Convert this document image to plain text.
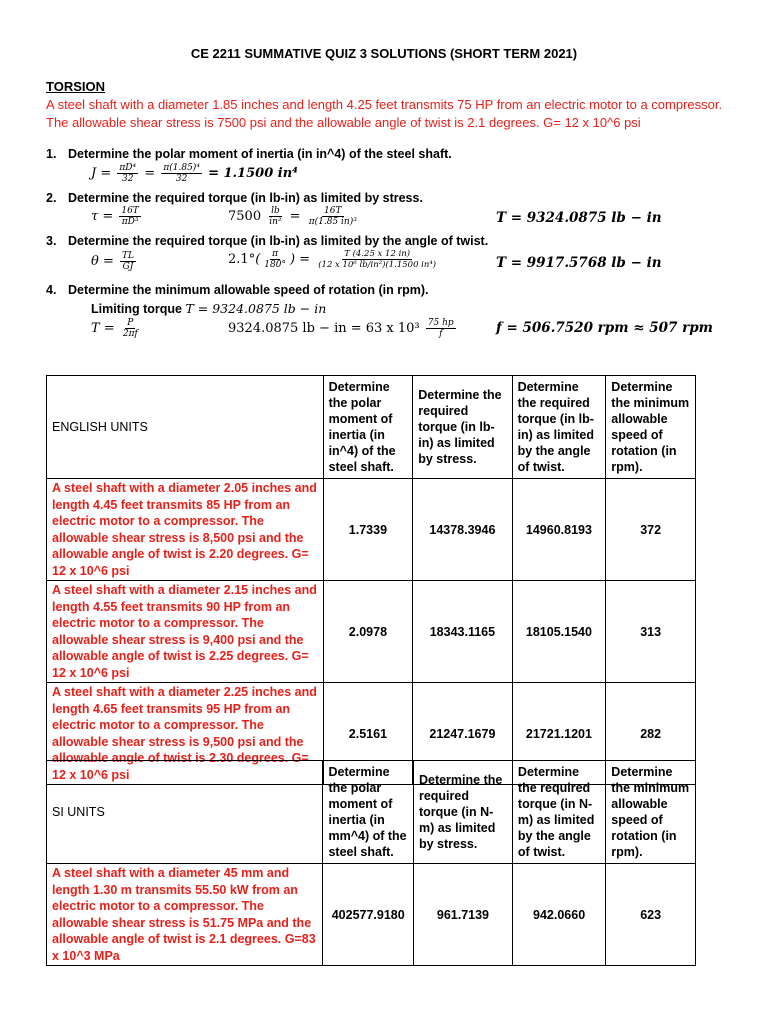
CE 2211 SUMMATIVE QUIZ 3 SOLUTIONS (SHORT TERM 2021)
TORSION
A steel shaft with a diameter 1.85 inches and length 4.25 feet transmits 75 HP from an electric motor to a compressor. The allowable shear stress is 7500 psi and the allowable angle of twist is 2.1 degrees. G= 12 x 10^6 psi
1. Determine the polar moment of inertia (in in^4) of the steel shaft.
$J = \frac{\text{πD⁴}}{32} = \frac{\text{π(1.85)⁴}}{32} = 1.1500$ in⁴
2. Determine the required torque (in lb-in) as limited by stress.
$\tau = \frac{16T}{\text{πD³}}$	$7500 \frac{lb}{\text{in²}} = \frac{16T}{\text{π(1.85 in)³}}$	T = 9324.0875 lb − in
3. Determine the required torque (in lb-in) as limited by the angle of twist.
$\theta = \frac{TL}{GJ}$	$2.1^\circ( \frac{\pi}{180^\circ}$ ) = $\frac{T (4.25 x 12 in)}{\text{(12 x 10⁶ lb/in²)(1.1500 in⁴)}}$	T = 9917.5768 lb − in
4. Determine the minimum allowable speed of rotation (in rpm).
Limiting torque T = 9324.0875 lb − in
$T = \frac{P}{2\pi f}$	9324.0875 lb − in = 63 x $10^3 \frac{75 hp}{f}$	f = 506.7520 rpm ≈ 507 rpm
ENGLISH UNITS	Determine the polar moment of inertia (in in^4) of the steel shaft.	Determine the required torque (in lb-in) as limited by stress.	Determine the required torque (in lb-in) as limited by the angle of twist.	Determine the minimum allowable speed of rotation (in rpm).
A steel shaft with a diameter 2.05 inches and length 4.45 feet transmits 85 HP from an electric motor to a compressor. The allowable shear stress is 8,500 psi and the allowable angle of twist is 2.20 degrees. G= 12 x 10^6 psi	1.7339	14378.3946	14960.8193	372
A steel shaft with a diameter 2.15 inches and length 4.55 feet transmits 90 HP from an electric motor to a compressor. The allowable shear stress is 9,400 psi and the allowable angle of twist is 2.25 degrees. G= 12 x 10^6 psi	2.0978	18343.1165	18105.1540	313
A steel shaft with a diameter 2.25 inches and length 4.65 feet transmits 95 HP from an electric motor to a compressor. The allowable shear stress is 9,500 psi and the allowable angle of twist is 2.30 degrees. G= 12 x 10^6 psi	2.5161	21247.1679	21721.1201	282
SI UNITS	Determine the polar moment of inertia (in mm^4) of the steel shaft.	Determine the required torque (in N-m) as limited by stress.	Determine the required torque (in N-m) as limited by the angle of twist.	Determine the minimum allowable speed of rotation (in rpm).
A steel shaft with a diameter 45 mm and length 1.30 m transmits 55.50 kW from an electric motor to a compressor. The allowable shear stress is 51.75 MPa and the allowable angle of twist is 2.1 degrees. G=83 x 10^3 MPa	402577.9180	961.7139	942.0660	623
